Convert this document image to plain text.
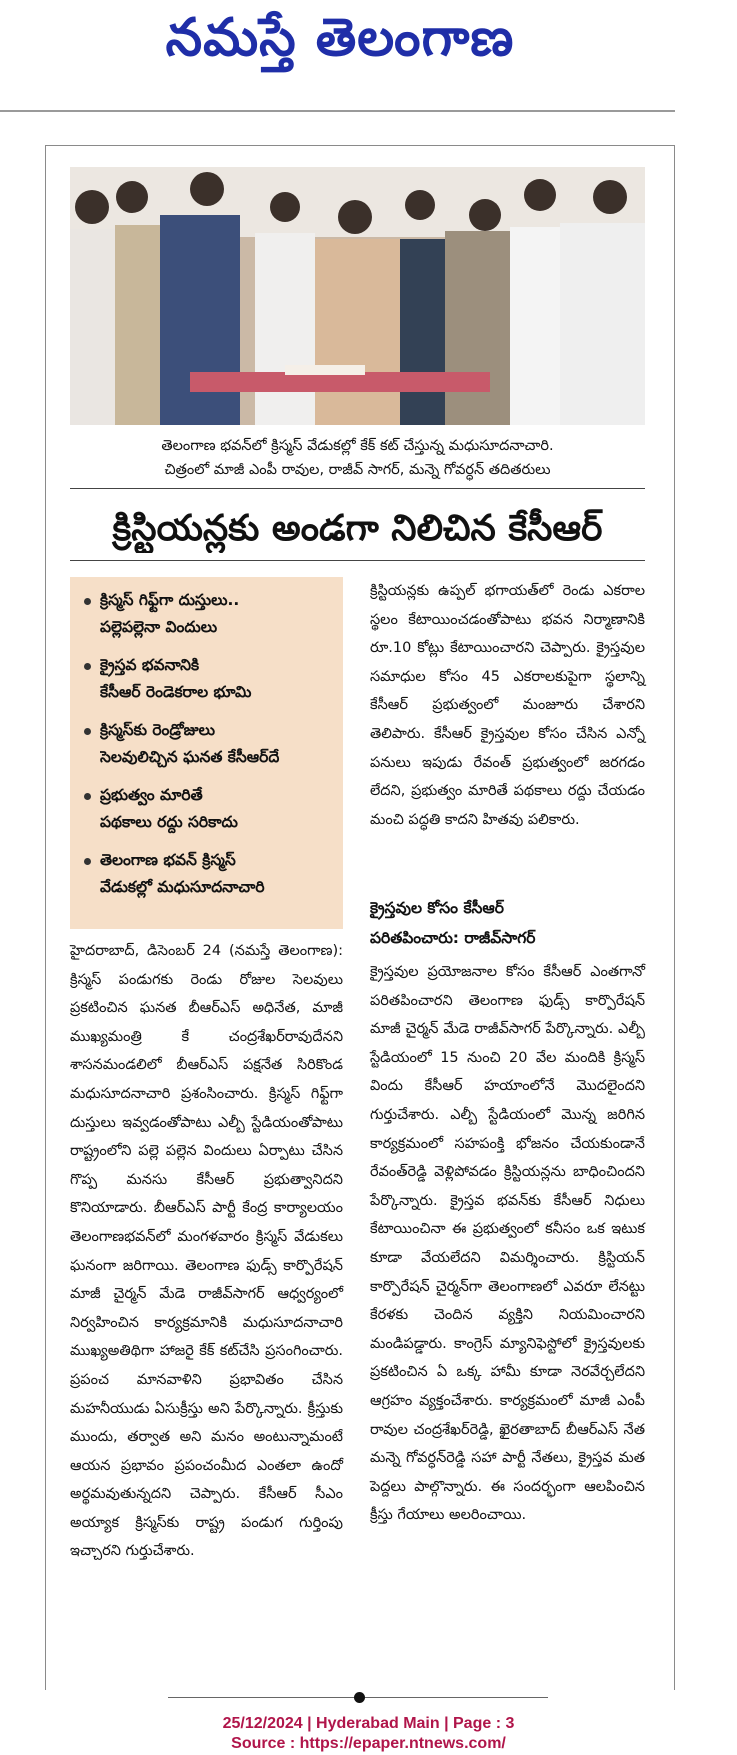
నమస్తే తెలంగాణ
తెలంగాణ భవన్‌లో క్రిస్మస్ వేడుకల్లో కేక్ కట్ చేస్తున్న మధుసూదనాచారి.
చిత్రంలో మాజీ ఎంపీ రావుల, రాజీవ్ సాగర్, మన్నె గోవర్ధన్ తదితరులు
క్రిస్టియన్లకు అండగా నిలిచిన కేసీఆర్
క్రిస్మస్ గిఫ్ట్‌గా దుస్తులు..
పల్లెపల్లెనా విందులు
క్రైస్తవ భవనానికి
కేసీఆర్ రెండెకరాల భూమి
క్రిస్మస్‌కు రెండ్రోజులు
సెలవులిచ్చిన ఘనత కేసీఆర్‌దే
ప్రభుత్వం మారితే
పథకాలు రద్దు సరికాదు
తెలంగాణ భవన్ క్రిస్మస్
వేడుకల్లో మధుసూదనాచారి

హైదరాబాద్, డిసెంబర్ 24 (నమస్తే తెలంగాణ): క్రిస్మస్ పండుగకు రెండు రోజుల సెలవులు ప్రకటించిన ఘనత బీఆర్‌ఎస్ అధినేత, మాజీ ముఖ్యమంత్రి కే చంద్రశేఖర్‌రావుదేనని శాసనమండలిలో బీఆర్‌ఎస్ పక్షనేత సిరికొండ మధుసూదనాచారి ప్రశంసించారు. క్రిస్మస్ గిఫ్ట్‌గా దుస్తులు ఇవ్వడంతోపాటు ఎల్బీ స్టేడియంతోపాటు రాష్ట్రంలోని పల్లె పల్లెన విందులు ఏర్పాటు చేసిన గొప్ప మనసు కేసీఆర్ ప్రభుత్వానిదని కొనియాడారు. బీఆర్‌ఎస్ పార్టీ కేంద్ర కార్యాలయం తెలంగాణభవన్‌లో మంగళవారం క్రిస్మస్ వేడుకలు ఘనంగా జరిగాయి. తెలంగాణ ఫుడ్స్ కార్పొరేషన్ మాజీ చైర్మన్ మేడె రాజీవ్‌సాగర్ ఆధ్వర్యంలో నిర్వహించిన కార్యక్రమానికి మధుసూదనాచారి ముఖ్యఅతిథిగా హాజరై కేక్ కట్‌చేసి ప్రసంగించారు. ప్రపంచ మానవాళిని ప్రభావితం చేసిన మహనీయుడు ఏసుక్రీస్తు అని పేర్కొన్నారు. క్రీస్తుకు ముందు, తర్వాత అని మనం అంటున్నామంటే ఆయన ప్రభావం ప్రపంచంమీద ఎంతలా ఉందో అర్థమవుతున్నదని చెప్పారు. కేసీఆర్ సీఎం అయ్యాక క్రిస్మస్‌కు రాష్ట్ర పండుగ గుర్తింపు ఇచ్చారని గుర్తుచేశారు.

క్రిస్టియన్లకు ఉప్పల్ భగాయత్‌లో రెండు ఎకరాల స్థలం కేటాయించడంతోపాటు భవన నిర్మాణానికి రూ.10 కోట్లు కేటాయించారని చెప్పారు. క్రైస్తవుల సమాధుల కోసం 45 ఎకరాలకుపైగా స్థలాన్ని కేసీఆర్ ప్రభుత్వంలో మంజూరు చేశారని తెలిపారు. కేసీఆర్ క్రైస్తవుల కోసం చేసిన ఎన్నో పనులు ఇపుడు రేవంత్ ప్రభుత్వంలో జరగడం లేదని, ప్రభుత్వం మారితే పథకాలు రద్దు చేయడం మంచి పద్ధతి కాదని హితవు పలికారు.

క్రైస్తవుల కోసం కేసీఆర్
పరితపించారు: రాజీవ్‌సాగర్

క్రైస్తవుల ప్రయోజనాల కోసం కేసీఆర్ ఎంతగానో పరితపించారని తెలంగాణ ఫుడ్స్ కార్పొరేషన్ మాజీ చైర్మన్ మేడె రాజీవ్‌సాగర్ పేర్కొన్నారు. ఎల్బీ స్టేడియంలో 15 నుంచి 20 వేల మందికి క్రిస్మస్ విందు కేసీఆర్ హయాంలోనే మొదలైందని గుర్తుచేశారు. ఎల్బీ స్టేడియంలో మొన్న జరిగిన కార్యక్రమంలో సహపంక్తి భోజనం చేయకుండానే రేవంత్‌రెడ్డి వెళ్లిపోవడం క్రిస్టియన్లను బాధించిందని పేర్కొన్నారు. క్రైస్తవ భవన్‌కు కేసీఆర్ నిధులు కేటాయించినా ఈ ప్రభుత్వంలో కనీసం ఒక ఇటుక కూడా వేయలేదని విమర్శించారు. క్రిస్టియన్ కార్పొరేషన్ చైర్మన్‌గా తెలంగాణలో ఎవరూ లేనట్టు కేరళకు చెందిన వ్యక్తిని నియమించారని మండిపడ్డారు. కాంగ్రెస్ మ్యానిఫెస్టోలో క్రైస్తవులకు ప్రకటించిన ఏ ఒక్క హామీ కూడా నెరవేర్చలేదని ఆగ్రహం వ్యక్తంచేశారు. కార్యక్రమంలో మాజీ ఎంపీ రావుల చంద్రశేఖర్‌రెడ్డి, ఖైరతాబాద్ బీఆర్‌ఎస్ నేత మన్నె గోవర్ధన్‌రెడ్డి సహా పార్టీ నేతలు, క్రైస్తవ మత పెద్దలు పాల్గొన్నారు. ఈ సందర్భంగా ఆలపించిన క్రీస్తు గేయాలు అలరించాయి.

25/12/2024 | Hyderabad Main | Page : 3
Source : https://epaper.ntnews.com/
